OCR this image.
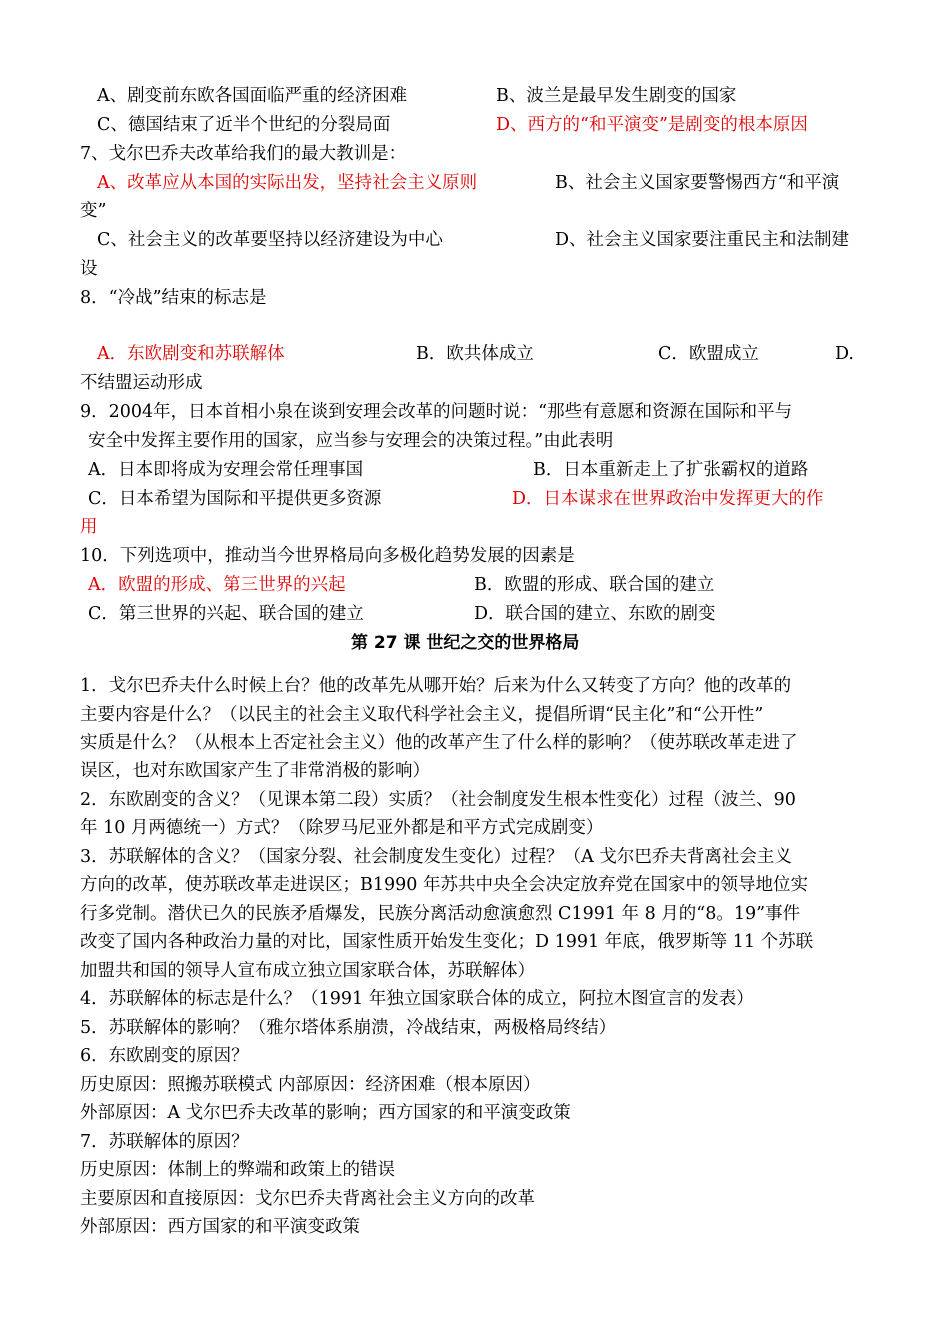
A、剧变前东欧各国面临严重的经济困难	B、波兰是最早发生剧变的国家
C、德国结束了近半个世纪的分裂局面	D、西方的“和平演变”是剧变的根本原因
7、戈尔巴乔夫改革给我们的最大教训是：
A、改革应从本国的实际出发，坚持社会主义原则	B、社会主义国家要警惕西方“和平演
变”
C、社会主义的改革要坚持以经济建设为中心	D、社会主义国家要注重民主和法制建
设
8．“冷战”结束的标志是
A．东欧剧变和苏联解体	B．欧共体成立	C．欧盟成立	D.
不结盟运动形成
9．2004年，日本首相小泉在谈到安理会改革的问题时说：“那些有意愿和资源在国际和平与
安全中发挥主要作用的国家，应当参与安理会的决策过程。”由此表明
A．日本即将成为安理会常任理事国	B．日本重新走上了扩张霸权的道路
C．日本希望为国际和平提供更多资源	D．日本谋求在世界政治中发挥更大的作
用
10．下列选项中，推动当今世界格局向多极化趋势发展的因素是
A．欧盟的形成、第三世界的兴起	B．欧盟的形成、联合国的建立
C．第三世界的兴起、联合国的建立	D．联合国的建立、东欧的剧变
第 27 课 世纪之交的世界格局
1．戈尔巴乔夫什么时候上台？他的改革先从哪开始？后来为什么又转变了方向？他的改革的
主要内容是什么？（以民主的社会主义取代科学社会主义，提倡所谓“民主化”和“公开性”
实质是什么？（从根本上否定社会主义）他的改革产生了什么样的影响？（使苏联改革走进了
误区，也对东欧国家产生了非常消极的影响）
2．东欧剧变的含义？（见课本第二段）实质？（社会制度发生根本性变化）过程（波兰、90
年 10 月两德统一）方式？（除罗马尼亚外都是和平方式完成剧变）
3．苏联解体的含义？（国家分裂、社会制度发生变化）过程？（A 戈尔巴乔夫背离社会主义
方向的改革，使苏联改革走进误区；B1990 年苏共中央全会决定放弃党在国家中的领导地位实
行多党制。潜伏已久的民族矛盾爆发，民族分离活动愈演愈烈 C1991 年 8 月的“8。19”事件
改变了国内各种政治力量的对比，国家性质开始发生变化；D 1991 年底，俄罗斯等 11 个苏联
加盟共和国的领导人宣布成立独立国家联合体，苏联解体）
4．苏联解体的标志是什么？（1991 年独立国家联合体的成立，阿拉木图宣言的发表）
5．苏联解体的影响？（雅尔塔体系崩溃，冷战结束，两极格局终结）
6．东欧剧变的原因？
历史原因：照搬苏联模式 内部原因：经济困难（根本原因）
外部原因：A 戈尔巴乔夫改革的影响；西方国家的和平演变政策
7．苏联解体的原因？
历史原因：体制上的弊端和政策上的错误
主要原因和直接原因：戈尔巴乔夫背离社会主义方向的改革
外部原因：西方国家的和平演变政策
